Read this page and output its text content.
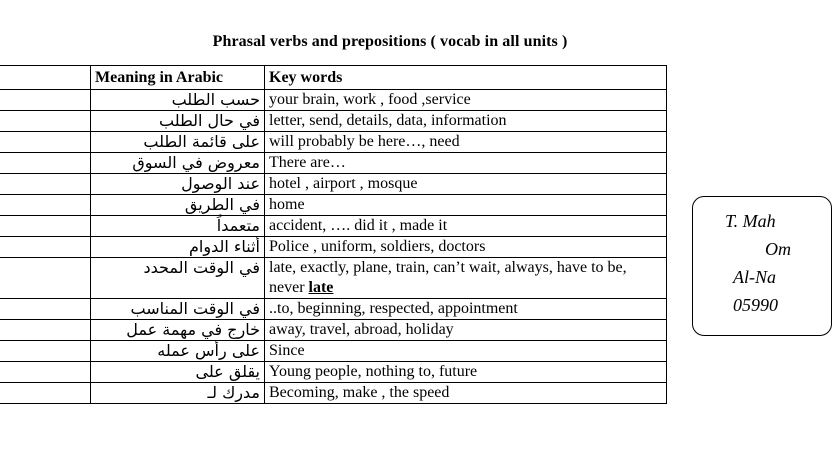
Phrasal verbs and prepositions ( vocab in all units )
	Meaning in Arabic	Key words
	حسب الطلب	your brain, work , food ,service
	في حال الطلب	letter, send, details, data, information
	على قائمة الطلب	will probably be here…, need
	معروض في السوق	There are…
	عند الوصول	hotel , airport , mosque
	في الطريق	home
	متعمداً	accident, …. did it , made it
	أثناء الدوام	Police , uniform, soldiers, doctors
	في الوقت المحدد	late, exactly, plane, train, can’t wait, always, have to be, never late
	في الوقت المناسب	..to, beginning, respected, appointment
	خارج في مهمة عمل	away, travel, abroad, holiday
	على رأس عمله	Since
	يقلق على	Young people, nothing to, future
	مدرك لـ	Becoming, make , the speed
T. Mah
Om
Al-Na
05990
